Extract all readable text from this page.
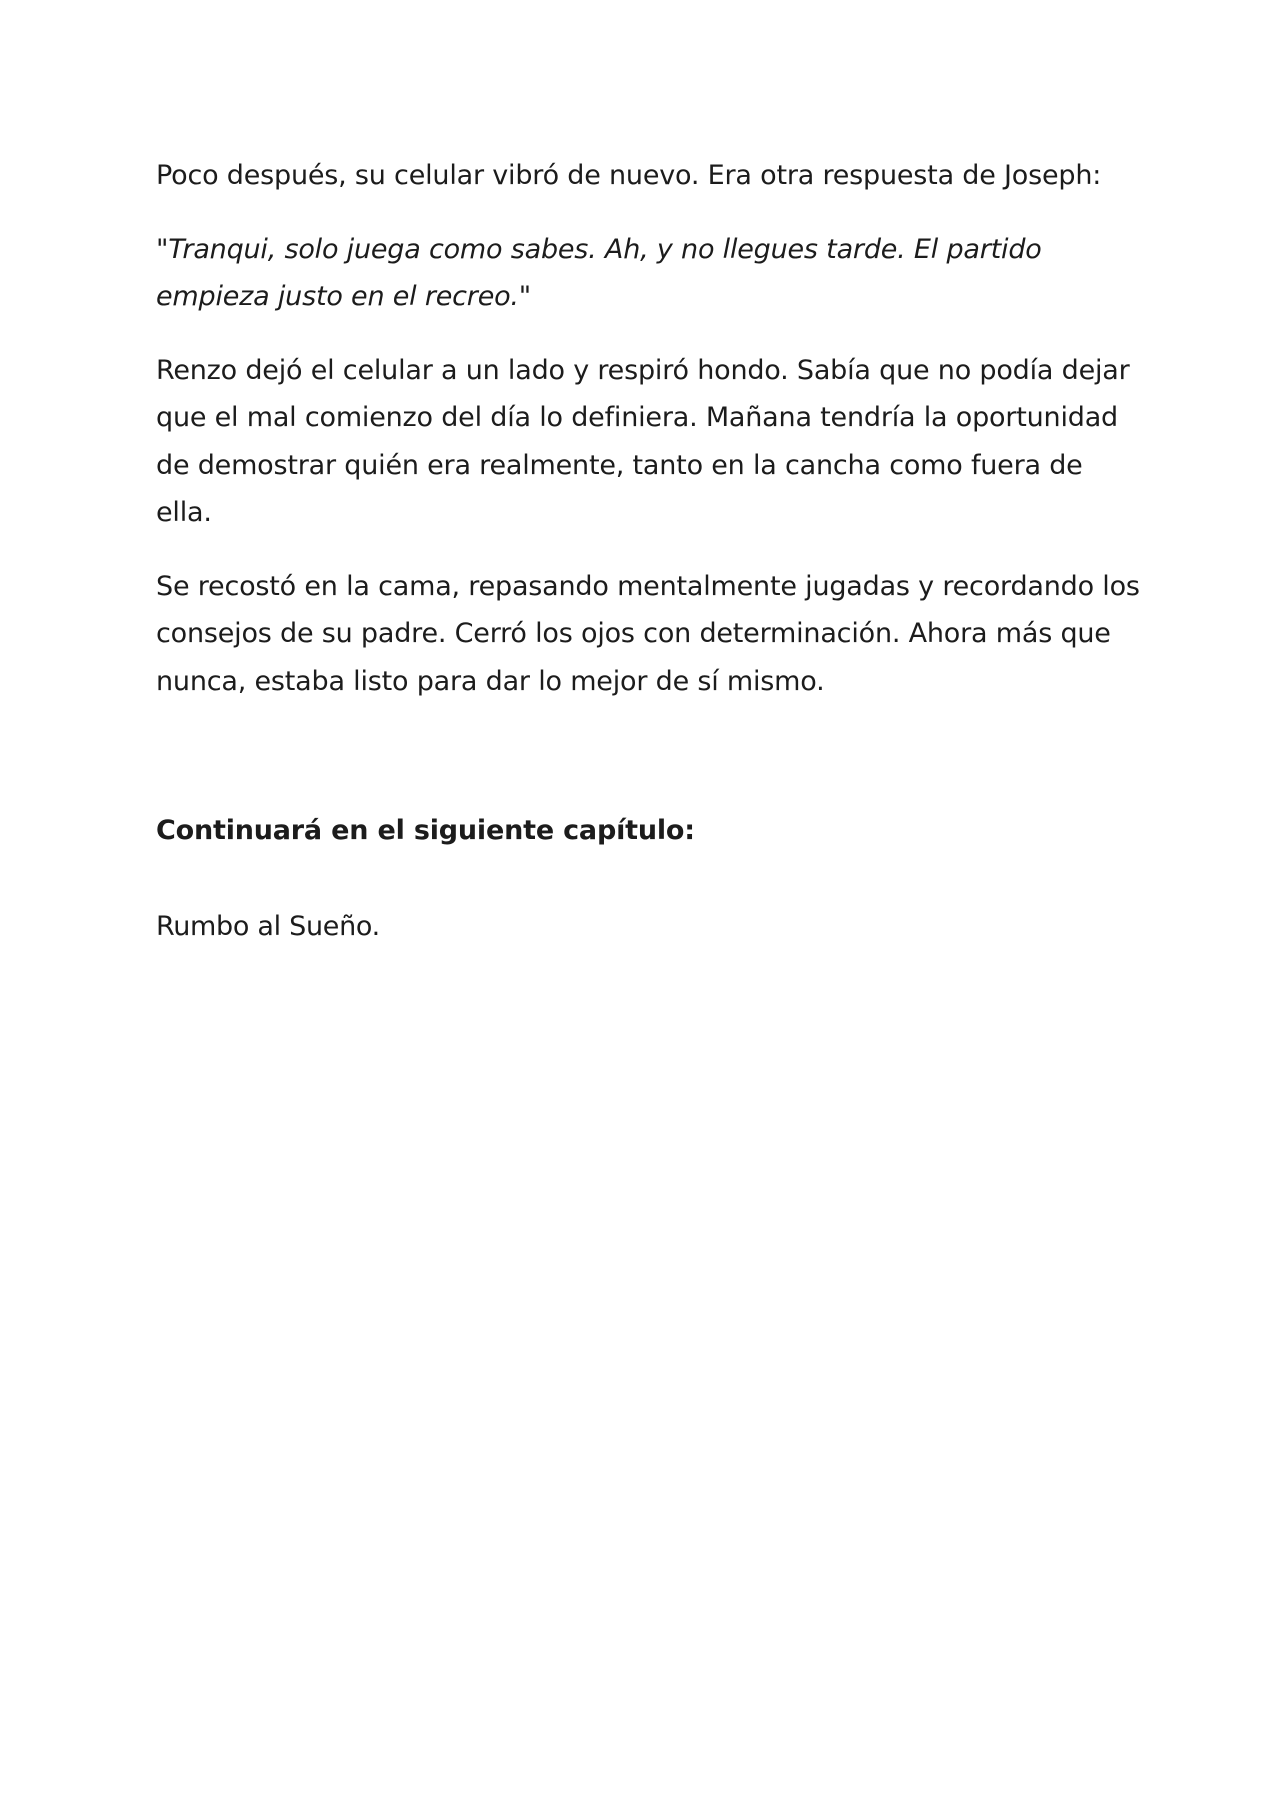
Poco después, su celular vibró de nuevo. Era otra respuesta de Joseph:

"Tranqui, solo juega como sabes. Ah, y no llegues tarde. El partido empieza justo en el recreo."

Renzo dejó el celular a un lado y respiró hondo. Sabía que no podía dejar que el mal comienzo del día lo definiera. Mañana tendría la oportunidad de demostrar quién era realmente, tanto en la cancha como fuera de ella.

Se recostó en la cama, repasando mentalmente jugadas y recordando los consejos de su padre. Cerró los ojos con determinación. Ahora más que nunca, estaba listo para dar lo mejor de sí mismo.

Continuará en el siguiente capítulo:

Rumbo al Sueño.
